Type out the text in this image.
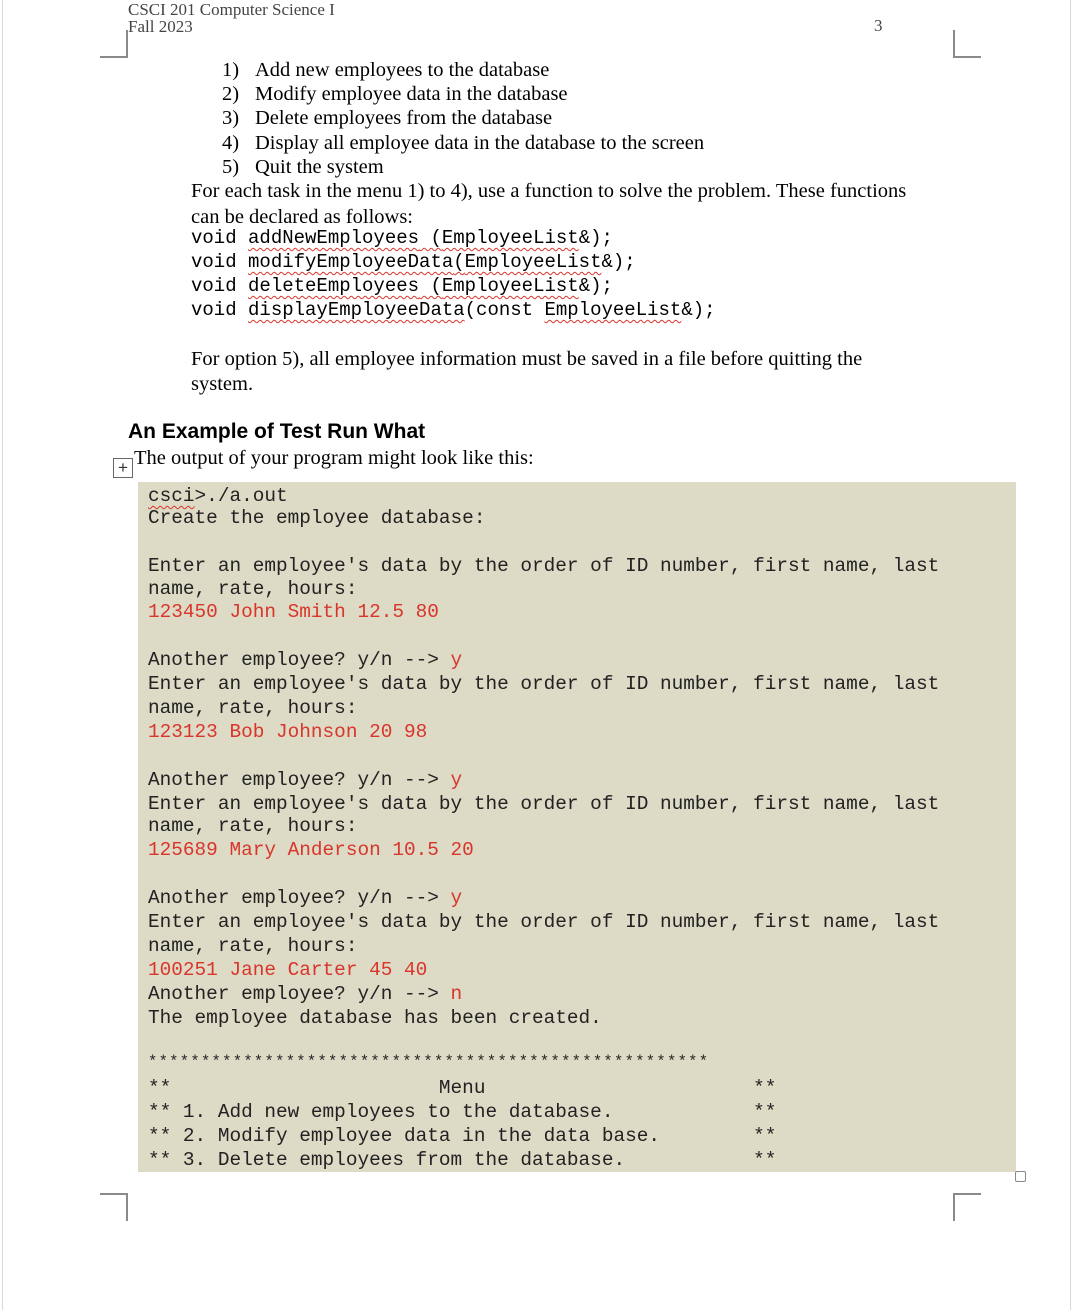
CSCI 201 Computer Science I
Fall 2023	3
1) Add new employees to the database
2) Modify employee data in the database
3) Delete employees from the database
4) Display all employee data in the database to the screen
5) Quit the system
For each task in the menu 1) to 4), use a function to solve the problem. These functions
can be declared as follows:
void addNewEmployees (EmployeeList&);
void modifyEmployeeData(EmployeeList&);
void deleteEmployees (EmployeeList&);
void displayEmployeeData(const EmployeeList&);
For option 5), all employee information must be saved in a file before quitting the
system.
An Example of Test Run What
+ The output of your program might look like this:
csci>./a.out
Create the employee database:
Enter an employee's data by the order of ID number, first name, last
name, rate, hours:
123450 John Smith 12.5 80
Another employee? y/n --> y
Enter an employee's data by the order of ID number, first name, last
name, rate, hours:
123123 Bob Johnson 20 98
Another employee? y/n --> y
Enter an employee's data by the order of ID number, first name, last
name, rate, hours:
125689 Mary Anderson 10.5 20
Another employee? y/n --> y
Enter an employee's data by the order of ID number, first name, last
name, rate, hours:
100251 Jane Carter 45 40
Another employee? y/n --> n
The employee database has been created.
*****************************************************
**                       Menu                       **
** 1. Add new employees to the database.            **
** 2. Modify employee data in the data base.        **
** 3. Delete employees from the database.           **
